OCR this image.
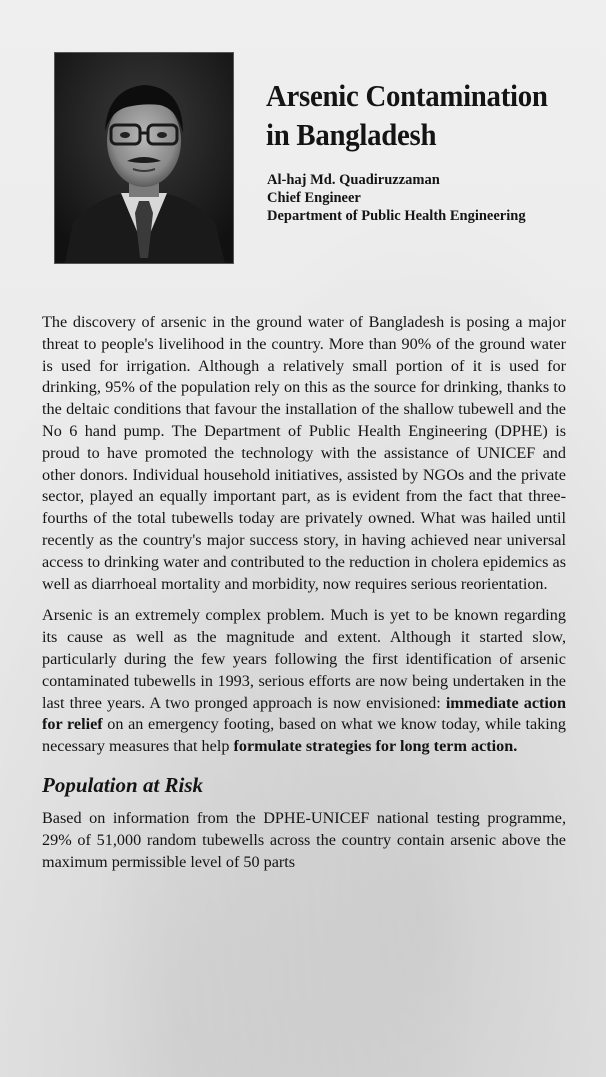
Arsenic Contamination
in Bangladesh
Al-haj Md. Quadiruzzaman
Chief Engineer
Department of Public Health Engineering

The discovery of arsenic in the ground water of Bangladesh is posing a major threat to people's livelihood in the country. More than 90% of the ground water is used for irrigation. Although a relatively small portion of it is used for drinking, 95% of the population rely on this as the source for drinking, thanks to the deltaic conditions that favour the installation of the shallow tubewell and the No 6 hand pump. The Department of Public Health Engineering (DPHE) is proud to have promoted the technology with the assistance of UNICEF and other donors. Individual household initiatives, assisted by NGOs and the private sector, played an equally important part, as is evident from the fact that three-fourths of the total tubewells today are privately owned. What was hailed until recently as the country's major success story, in having achieved near universal access to drinking water and contributed to the reduction in cholera epidemics as well as diarrhoeal mortality and morbidity, now requires serious reorientation.

Arsenic is an extremely complex problem. Much is yet to be known regarding its cause as well as the magnitude and extent. Although it started slow, particularly during the few years following the first identification of arsenic contaminated tubewells in 1993, serious efforts are now being undertaken in the last three years. A two pronged approach is now envisioned: immediate action for relief on an emergency footing, based on what we know today, while taking necessary measures that help formulate strategies for long term action.

Population at Risk

Based on information from the DPHE-UNICEF national testing programme, 29% of 51,000 random tubewells across the country contain arsenic above the maximum permissible level of 50 parts
